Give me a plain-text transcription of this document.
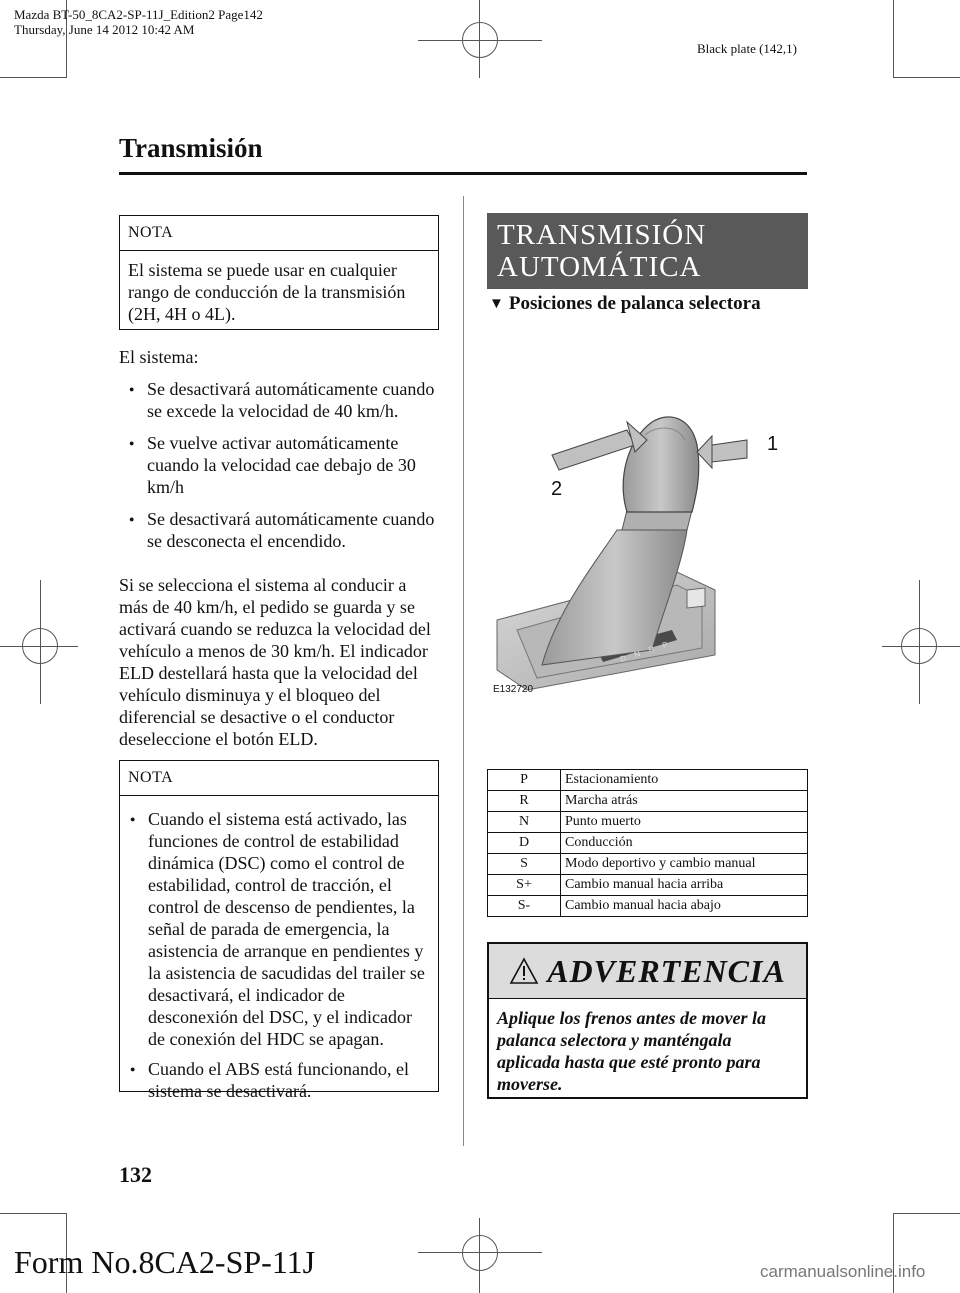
Mazda BT-50_8CA2-SP-11J_Edition2 Page142
Thursday, June 14 2012 10:42 AM
Black plate (142,1)
Transmisión
NOTA

El sistema se puede usar en cualquier rango de conducción de la transmisión (2H, 4H o 4L).

El sistema:
● Se desactivará automáticamente cuando se excede la velocidad de 40 km/h.
● Se vuelve activar automáticamente cuando la velocidad cae debajo de 30 km/h
● Se desactivará automáticamente cuando se desconecta el encendido.
Si se selecciona el sistema al conducir a más de 40 km/h, el pedido se guarda y se activará cuando se reduzca la velocidad del vehículo a menos de 30 km/h. El indicador ELD destellará hasta que la velocidad del vehículo disminuya y el bloqueo del diferencial se desactive o el conductor deseleccione el botón ELD.
NOTA
● Cuando el sistema está activado, las funciones de control de estabilidad dinámica (DSC) como el control de estabilidad, control de tracción, el control de descenso de pendientes, la señal de parada de emergencia, la asistencia de arranque en pendientes y la asistencia de sacudidas del trailer se desactivará, el indicador de desconexión del DSC, y el indicador de conexión del HDC se apagan.
● Cuando el ABS está funcionando, el sistema se desactivará.
TRANSMISIÓN
AUTOMÁTICA
▼ Posiciones de palanca selectora
1
2
E132720
DNRP
P	Estacionamiento
R	Marcha atrás
N	Punto muerto
D	Conducción
S	Modo deportivo y cambio manual
S+	Cambio manual hacia arriba
S-	Cambio manual hacia abajo
ADVERTENCIA
Aplique los frenos antes de mover la palanca selectora y manténgala aplicada hasta que esté pronto para moverse.
132
Form No.8CA2-SP-11J	carmanualsonline.info
